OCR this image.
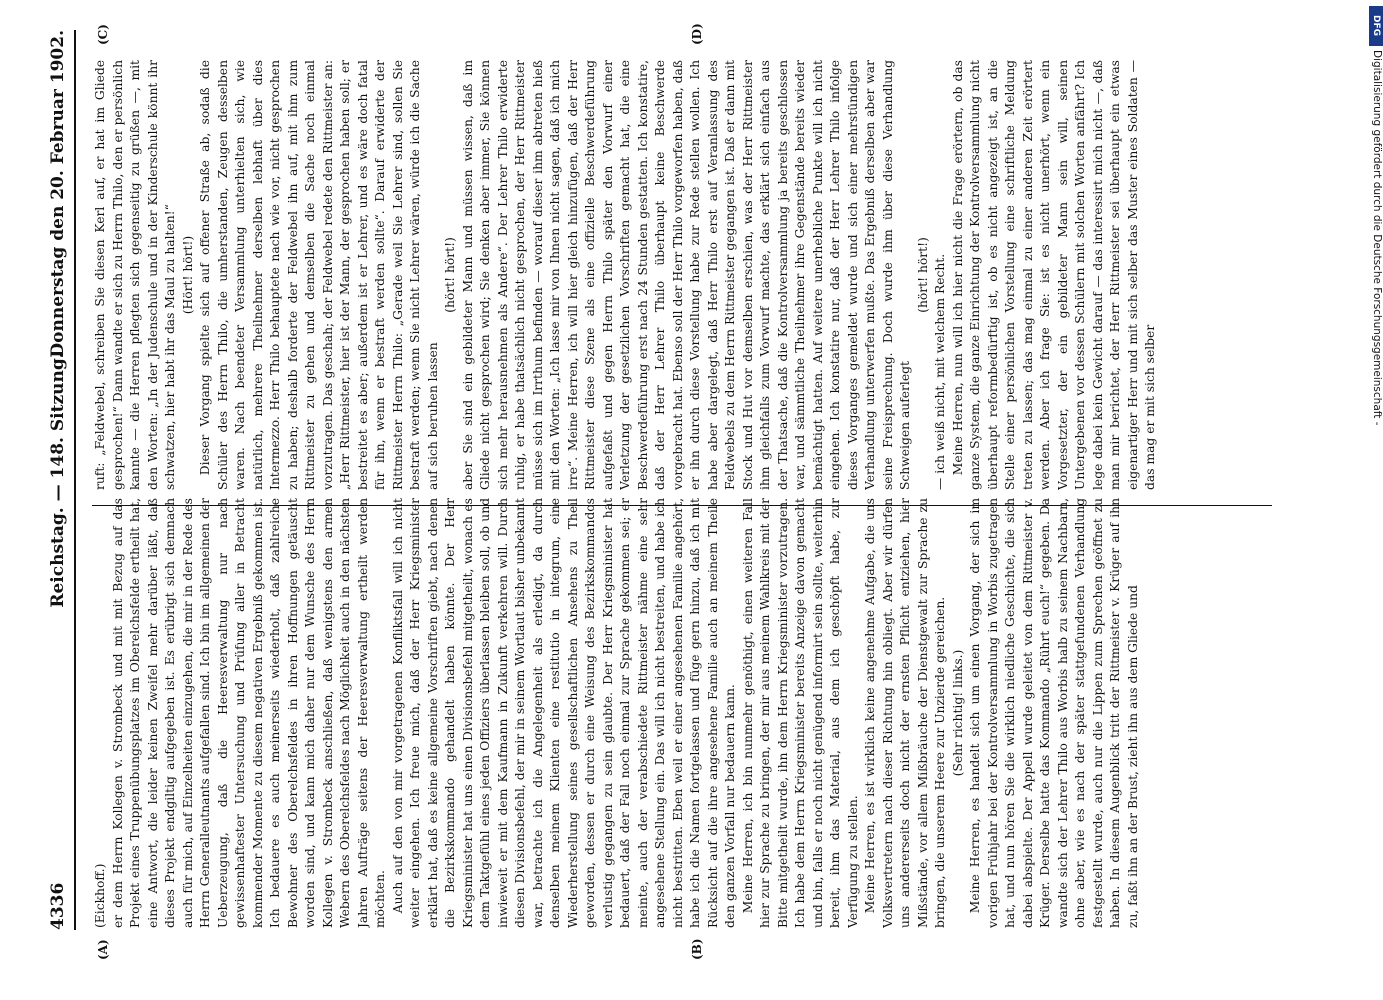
4336
Reichstag. — 148. Sitzung.
Donnerstag den 20. Februar 1902.
(A)	(B)
(C)	(D)

(Eickhoff.) er dem Herrn Kollegen v. Strombeck und mit mit Bezug auf das Projekt eines Truppenübungsplatzes im Oberelchsfelde ertheilt hat, eine Antwort, die leider keinen Zweifel mehr darüber läßt, daß dieses Projekt endgiltig aufgegeben ist. Es erübrigt sich demnach auch für mich, auf Einzelheiten einzugehen, die mir in der Rede des Herrn Generalleutnants aufgefallen sind. Ich bin im allgemeinen der Ueberzeugung, daß die Heeresverwaltung nur nach gewissenhaftester Untersuchung und Prüfung aller in Betracht kommender Momente zu diesem negativen Ergebniß gekommen ist. Ich bedauere es auch meinerseits wiederholt, daß zahlreiche Bewohner des Oberelchsfeldes in ihren Hoffnungen getäuscht worden sind, und kann mich daher nur dem Wunsche des Herrn Kollegen v. Strombeck anschließen, daß wenigstens den armen Webern des Oberelchsfeldes nach Möglichkeit auch in den nächsten Jahren Aufträge seitens der Heeresverwaltung ertheilt werden möchten. Auch auf den von mir vorgetragenen Konfliktsfall will ich nicht weiter eingehen. Ich freue mich, daß der Herr Kriegsminister erklärt hat, daß es keine allgemeine Vorschriften giebt, nach denen die Bezirkskommando gehandelt haben könnte. Der Herr Kriegsminister hat uns einen Divisionsbefehl mitgetheilt, wonach es dem Taktgefühl eines jeden Offiziers überlassen bleiben soll, ob und inwieweit er mit dem Kaufmann in Zukunft verkehren will. Durch diesen Divisionsbefehl, der mir in seinem Wortlaut bisher unbekannt war, betrachte ich die Angelegenheit als erledigt, da durch denselben meinem Klienten eine restitutio in integrum, eine Wiederherstellung seines gesellschaftlichen Ansehens zu Theil geworden, dessen er durch eine Weisung des Bezirkskommandos verlustig gegangen zu sein glaubte. Der Herr Kriegsminister hat bedauert, daß der Fall noch einmal zur Sprache gekommen sei; er meinte, auch der verabschiedete Rittmeister nähme eine sehr angesehene Stellung ein. Das will ich nicht bestreiten, und habe ich nicht bestritten. Eben weil er einer angesehenen Familie angehört, habe ich die Namen fortgelassen und füge gern hinzu, daß ich mit Rücksicht auf die ihre angesehene Familie auch an meinem Theile den ganzen Vorfall nur bedauern kann. Meine Herren, ich bin nunmehr genöthigt, einen weiteren Fall hier zur Sprache zu bringen, der mir aus meinem Wahlkreis mit der Bitte mitgetheilt wurde, ihn dem Herrn Kriegsminister vorzutragen. Ich habe dem Herrn Kriegsminister bereits Anzeige davon gemacht und bin, falls er noch nicht genügend informirt sein sollte, weiterhin bereit, ihm das Material, aus dem ich geschöpft habe, zur Verfügung zu stellen. Meine Herren, es ist wirklich keine angenehme Aufgabe, die uns Volksvertretern nach dieser Richtung hin obliegt. Aber wir dürfen uns andererseits doch nicht der ernsten Pflicht entziehen, hier Mißstände, vor allem Mißbräuche der Dienstgewalt zur Sprache zu bringen, die unserem Heere zur Unzierde gereichen. (Sehr richtig! links.) Meine Herren, es handelt sich um einen Vorgang, der sich im vorigen Frühjahr bei der Kontrolversammlung in Worbis zugetragen hat, und nun hören Sie die wirklich niedliche Geschichte, die sich dabei abspielte. Der Appell wurde geleitet von dem Rittmeister v. Krüger. Derselbe hatte das Kommando „Rührt euch!“ gegeben. Da wandte sich der Lehrer Thilo aus Worbis halb zu seinem Nachbarn, ohne aber, wie es nach der später stattgefundenen Verhandlung festgestellt wurde, auch nur die Lippen zum Sprechen geöffnet zu haben. In diesem Augenblick tritt der Rittmeister v. Krüger auf ihn zu, faßt ihn an der Brust, zieht ihn aus dem Gliede und

ruft: „Feldwebel, schreiben Sie diesen Kerl auf, er hat im Gliede gesprochen!“ Dann wandte er sich zu Herrn Thilo, den er persönlich kannte — die Herren pflegten sich gegenseitig zu grüßen —, mit den Worten: „In der Judenschule und in der Kinderschule könnt ihr schwatzen, hier habt ihr das Maul zu halten!“ (Hört! hört!) Dieser Vorgang spielte sich auf offener Straße ab, sodaß die Schüler des Herrn Thilo, die umherstanden, Zeugen desselben waren. Nach beendeter Versammlung unterhielten sich, wie natürlich, mehrere Theilnehmer derselben lebhaft über dies Intermezzo. Herr Thilo behauptete nach wie vor, nicht gesprochen zu haben; deshalb forderte der Feldwebel ihn auf, mit ihm zum Rittmeister zu gehen und demselben die Sache noch einmal vorzutragen. Das geschah; der Feldwebel redete den Rittmeister an: „Herr Rittmeister, hier ist der Mann, der gesprochen haben soll; er bestreitet es aber; außerdem ist er Lehrer, und es wäre doch fatal für ihn, wenn er bestraft werden sollte“. Darauf erwiderte der Rittmeister Herrn Thilo: „Gerade weil Sie Lehrer sind, sollen Sie bestraft werden; wenn Sie nicht Lehrer wären, würde ich die Sache auf sich beruhen lassen

(hört! hört!) aber Sie sind ein gebildeter Mann und müssen wissen, daß im Gliede nicht gesprochen wird; Sie denken aber immer, Sie können sich mehr herausnehmen als Andere“. Der Lehrer Thilo erwiderte ruhig, er habe thatsächlich nicht gesprochen, der Herr Rittmeister müsse sich im Irrthum befinden — worauf dieser ihm abtreten hieß mit den Worten: „Ich lasse mir von Ihnen nicht sagen, daß ich mich irre“. Meine Herren, ich will hier gleich hinzufügen, daß der Herr Rittmeister diese Szene als eine offizielle Beschwerdeführung aufgefaßt und gegen Herrn Thilo später den Vorwurf einer Verletzung der gesetzlichen Vorschriften gemacht hat, die eine Beschwerdeführung erst nach 24 Stunden gestatten. Ich konstatire, daß der Herr Lehrer Thilo überhaupt keine Beschwerde vorgebracht hat. Ebenso soll der Herr Thilo vorgeworfen haben, daß er ihn durch diese Vorstellung habe zur Rede stellen wollen. Ich habe aber dargelegt, daß Herr Thilo erst auf Veranlassung des Feldwebels zu dem Herrn Rittmeister gegangen ist. Daß er dann mit Stock und Hut vor demselben erschien, was der Herr Rittmeister ihm gleichfalls zum Vorwurf machte, das erklärt sich einfach aus der Thatsache, daß die Kontrolversammlung ja bereits geschlossen war, und sämmtliche Theilnehmer ihre Gegenstände bereits wieder bemächtigt hatten. Auf weitere unerhebliche Punkte will ich nicht eingehen. Ich konstatire nur, daß der Herr Lehrer Thilo infolge dieses Vorganges gemeldet wurde und sich einer mehrstündigen Verhandlung unterwerfen mußte. Das Ergebniß derselben aber war seine Freisprechung. Doch wurde ihm über diese Verhandlung Schweigen auferlegt

(hört! hört!) — ich weiß nicht, mit welchem Recht. Meine Herren, nun will ich hier nicht die Frage erörtern, ob das ganze System, die ganze Einrichtung der Kontrolversammlung nicht überhaupt reformbedürftig ist, ob es nicht angezeigt ist, an die Stelle einer persönlichen Vorstellung eine schriftliche Meldung treten zu lassen; das mag einmal zu einer anderen Zeit erörtert werden. Aber ich frage Sie: ist es nicht unerhört, wenn ein Vorgesetzter, der ein gebildeter Mann sein will, seinen Untergebenen vor dessen Schülern mit solchen Worten anfährt? Ich lege dabei kein Gewicht darauf — das interessirt mich nicht —, daß man mir berichtet, der Herr Rittmeister sei überhaupt ein etwas eigenartiger Herr und mit sich selber das Muster eines Soldaten — das mag er mit sich selber

DFG
Digitalisierung gefördert durch die Deutsche Forschungsgemeinschaft -
